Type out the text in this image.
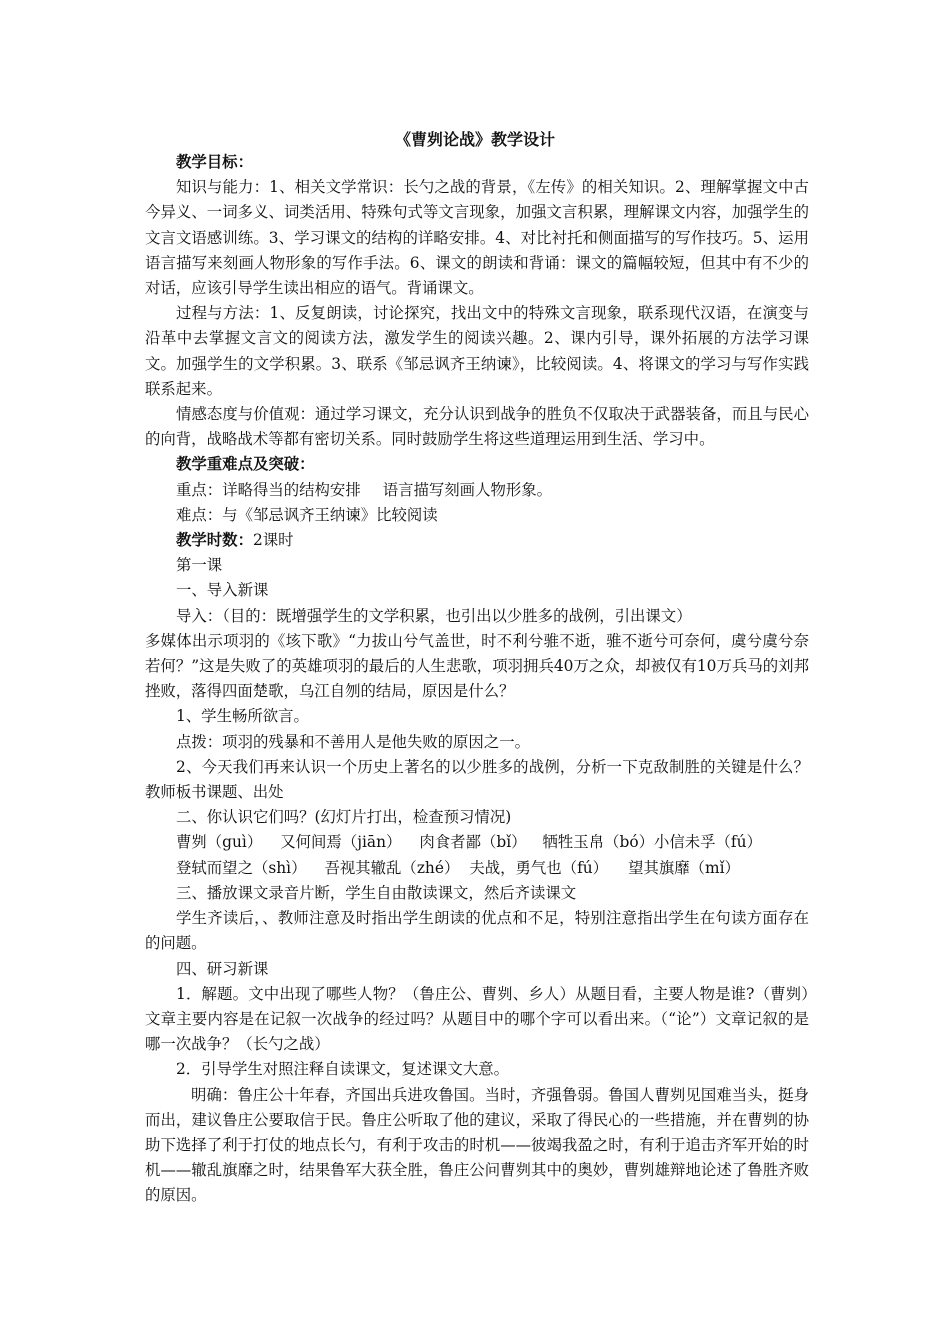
《曹刿论战》教学设计

教学目标：

知识与能力：1、相关文学常识：长勺之战的背景，《左传》的相关知识。2、理解掌握文中古今异义、一词多义、词类活用、特殊句式等文言现象，加强文言积累，理解课文内容，加强学生的文言文语感训练。3、学习课文的结构的详略安排。4、对比衬托和侧面描写的写作技巧。5、运用语言描写来刻画人物形象的写作手法。6、课文的朗读和背诵：课文的篇幅较短，但其中有不少的对话，应该引导学生读出相应的语气。背诵课文。

过程与方法：1、反复朗读，讨论探究，找出文中的特殊文言现象，联系现代汉语，在演变与沿革中去掌握文言文的阅读方法，激发学生的阅读兴趣。2、课内引导，课外拓展的方法学习课文。加强学生的文学积累。3、联系《邹忌讽齐王纳谏》，比较阅读。4、将课文的学习与写作实践联系起来。

情感态度与价值观：通过学习课文，充分认识到战争的胜负不仅取决于武器装备，而且与民心的向背，战略战术等都有密切关系。同时鼓励学生将这些道理运用到生活、学习中。

教学重难点及突破：

重点：详略得当的结构安排 语言描写刻画人物形象。

难点：与《邹忌讽齐王纳谏》比较阅读

教学时数：2课时

第一课

一、导入新课

导入：（目的：既增强学生的文学积累，也引出以少胜多的战例，引出课文）

多媒体出示项羽的《垓下歌》“力拔山兮气盖世，时不利兮骓不逝，骓不逝兮可奈何，虞兮虞兮奈若何？”这是失败了的英雄项羽的最后的人生悲歌，项羽拥兵40万之众，却被仅有10万兵马的刘邦挫败，落得四面楚歌，乌江自刎的结局，原因是什么？

1、学生畅所欲言。

点拨：项羽的残暴和不善用人是他失败的原因之一。

2、今天我们再来认识一个历史上著名的以少胜多的战例，分析一下克敌制胜的关键是什么？教师板书课题、出处

二、你认识它们吗？(幻灯片打出，检查预习情况)

曹刿（guì） 又何间焉（jiān） 肉食者鄙（bǐ） 牺牲玉帛（bó）小信未孚（fú）

登轼而望之（shì） 吾视其辙乱（zhé） 夫战，勇气也（fú） 望其旗靡（mǐ）

三、播放课文录音片断，学生自由散读课文，然后齐读课文

学生齐读后，、教师注意及时指出学生朗读的优点和不足，特别注意指出学生在句读方面存在的问题。

四、研习新课

1．解题。文中出现了哪些人物？（鲁庄公、曹刿、乡人）从题目看，主要人物是谁?（曹刿）文章主要内容是在记叙一次战争的经过吗？从题目中的哪个字可以看出来。（“论”）文章记叙的是哪一次战争？（长勺之战）

2．引导学生对照注释自读课文，复述课文大意。

明确：鲁庄公十年春，齐国出兵进攻鲁国。当时，齐强鲁弱。鲁国人曹刿见国难当头，挺身而出，建议鲁庄公要取信于民。鲁庄公听取了他的建议，采取了得民心的一些措施，并在曹刿的协助下选择了利于打仗的地点长勺，有利于攻击的时机——彼竭我盈之时，有利于追击齐军开始的时机——辙乱旗靡之时，结果鲁军大获全胜，鲁庄公问曹刿其中的奥妙，曹刿雄辩地论述了鲁胜齐败的原因。
